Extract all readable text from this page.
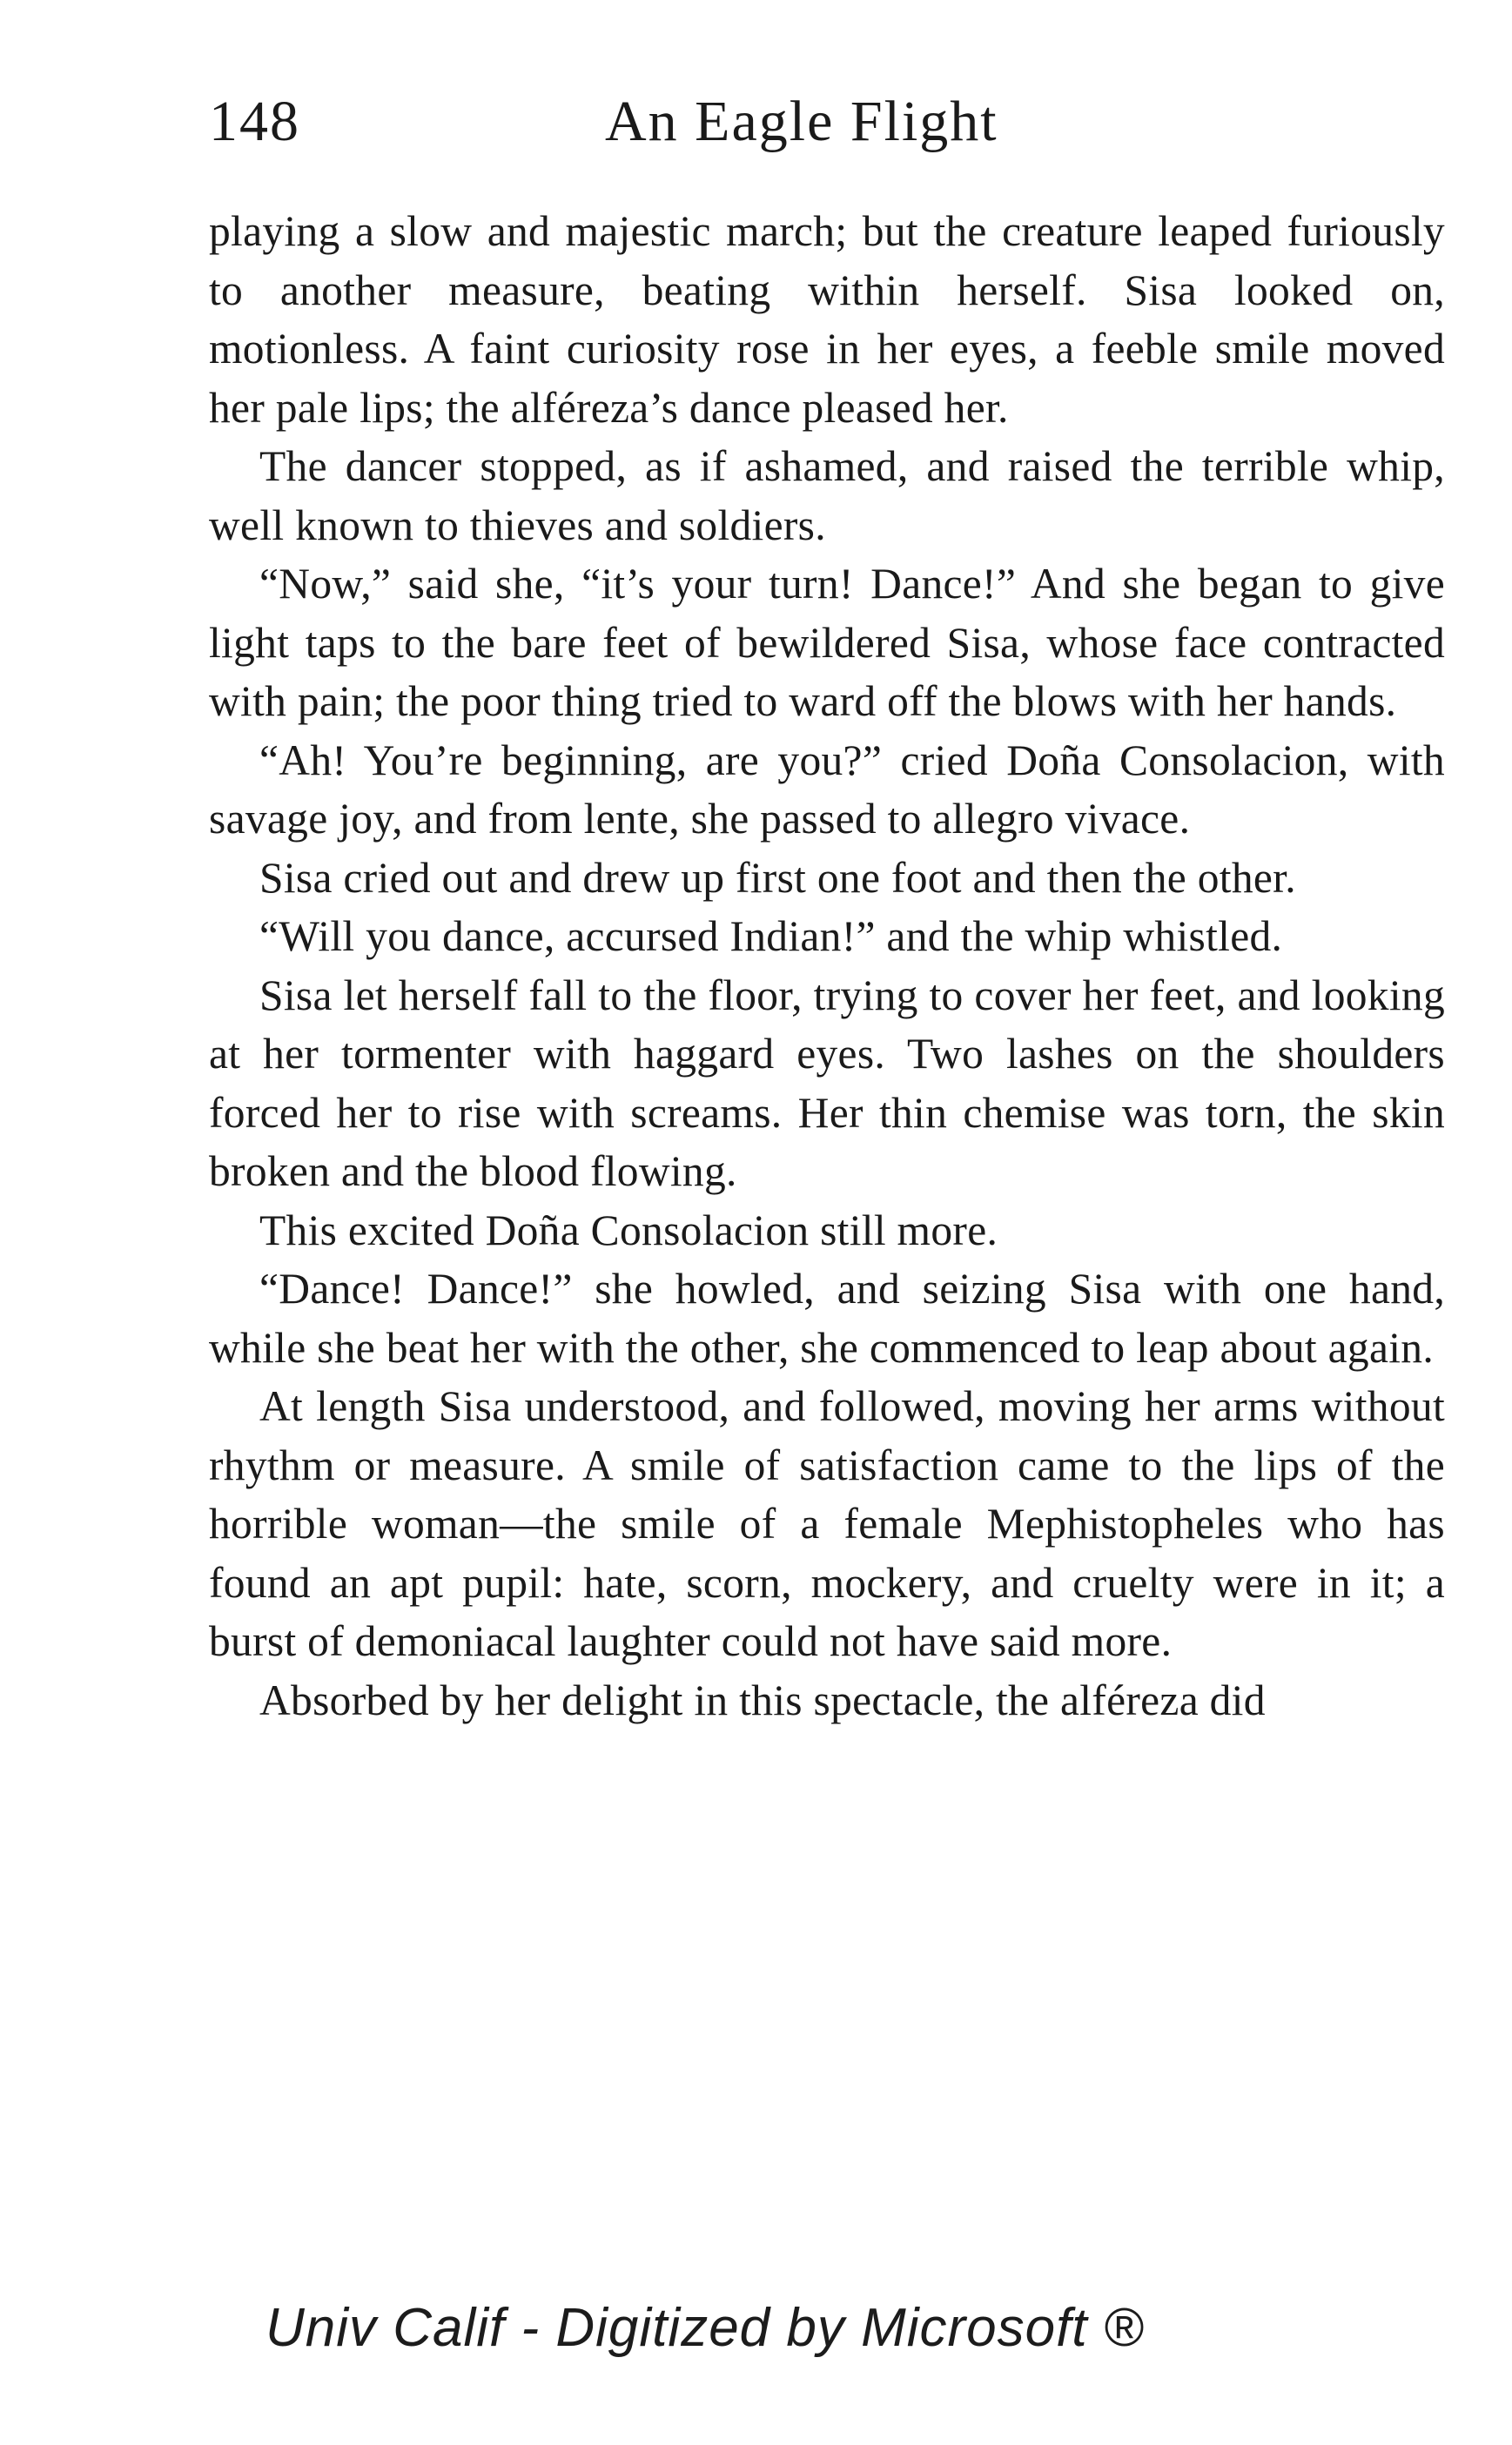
148	An Eagle Flight

playing a slow and majestic march; but the creature leaped furiously to another measure, beating within herself. Sisa looked on, motionless. A faint curiosity rose in her eyes, a feeble smile moved her pale lips; the alféreza’s dance pleased her.

The dancer stopped, as if ashamed, and raised the terrible whip, well known to thieves and soldiers.

“Now,” said she, “it’s your turn! Dance!” And she began to give light taps to the bare feet of bewildered Sisa, whose face contracted with pain; the poor thing tried to ward off the blows with her hands.

“Ah! You’re beginning, are you?” cried Doña Consolacion, with savage joy, and from lente, she passed to allegro vivace.

Sisa cried out and drew up first one foot and then the other.

“Will you dance, accursed Indian!” and the whip whistled.

Sisa let herself fall to the floor, trying to cover her feet, and looking at her tormenter with haggard eyes. Two lashes on the shoulders forced her to rise with screams. Her thin chemise was torn, the skin broken and the blood flowing.

This excited Doña Consolacion still more.

“Dance! Dance!” she howled, and seizing Sisa with one hand, while she beat her with the other, she commenced to leap about again.

At length Sisa understood, and followed, moving her arms without rhythm or measure. A smile of satisfaction came to the lips of the horrible woman—the smile of a female Mephistopheles who has found an apt pupil: hate, scorn, mockery, and cruelty were in it; a burst of demoniacal laughter could not have said more.

Absorbed by her delight in this spectacle, the alféreza did

Univ Calif - Digitized by Microsoft ®
